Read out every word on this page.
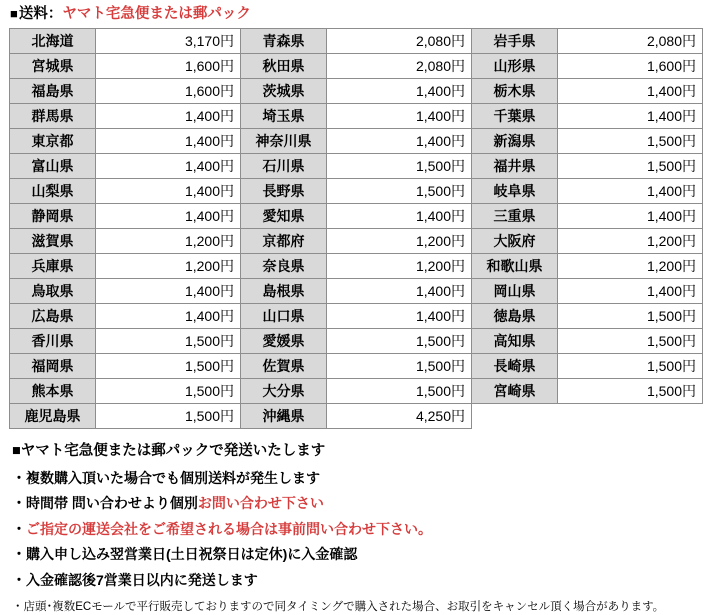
■ 送料 ： ヤマト宅急便または郵パック
北海道	3,170円	青森県	2,080円	岩手県	2,080円
宮城県	1,600円	秋田県	2,080円	山形県	1,600円
福島県	1,600円	茨城県	1,400円	栃木県	1,400円
群馬県	1,400円	埼玉県	1,400円	千葉県	1,400円
東京都	1,400円	神奈川県	1,400円	新潟県	1,500円
富山県	1,400円	石川県	1,500円	福井県	1,500円
山梨県	1,400円	長野県	1,500円	岐阜県	1,400円
静岡県	1,400円	愛知県	1,400円	三重県	1,400円
滋賀県	1,200円	京都府	1,200円	大阪府	1,200円
兵庫県	1,200円	奈良県	1,200円	和歌山県	1,200円
鳥取県	1,400円	島根県	1,400円	岡山県	1,400円
広島県	1,400円	山口県	1,400円	徳島県	1,500円
香川県	1,500円	愛媛県	1,500円	高知県	1,500円
福岡県	1,500円	佐賀県	1,500円	長崎県	1,500円
熊本県	1,500円	大分県	1,500円	宮崎県	1,500円
鹿児島県	1,500円	沖縄県	4,250円		
■ヤマト宅急便または郵パックで発送いたします
・複数購入頂いた場合でも個別送料が発生します
・時間帯 問い合わせより個別お問い合わせ下さい
・ご指定の運送会社をご希望される場合は事前問い合わせ下さい。
・購入申し込み翌営業日(土日祝祭日は定休)に入金確認
・入金確認後7営業日以内に発送します
・店頭･複数ECモールで平行販売しておりますので同タイミングで購入された場合、お取引をキャンセル頂く場合があります。
